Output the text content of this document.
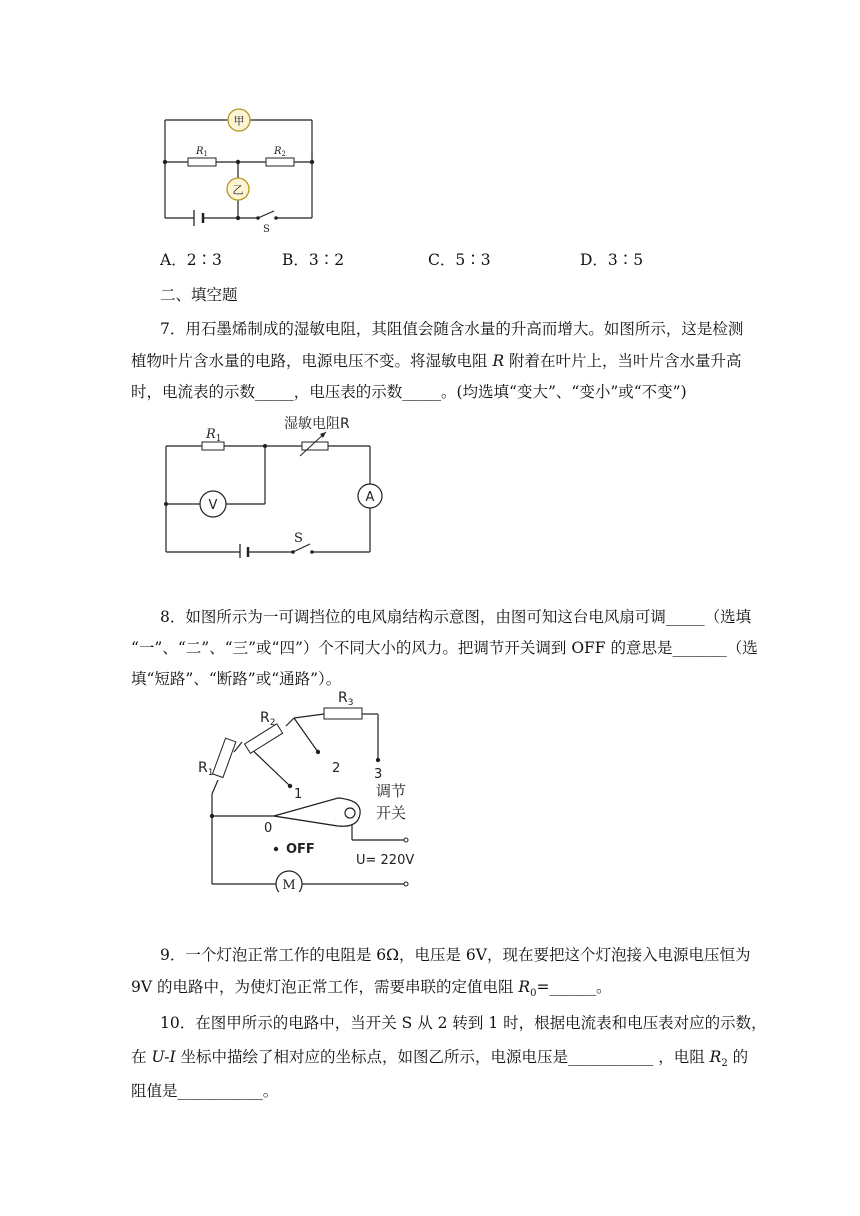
甲
乙
$R_1$	$R_2$
S
A．2∶3	B．3∶2	C．5∶3	D．3∶5
二、填空题
7．用石墨烯制成的湿敏电阻，其阻值会随含水量的升高而增大。如图所示，这是检测
植物叶片含水量的电路，电源电压不变。将湿敏电阻 R 附着在叶片上，当叶片含水量升高
时，电流表的示数_____，电压表的示数_____。(均选填“变大”、“变小”或“不变”)
V
A
$R_1$
湿敏电阻R
S
8．如图所示为一可调挡位的电风扇结构示意图，由图可知这台电风扇可调_____（选填
“一”、“二”、“三”或“四”）个不同大小的风力。把调节开关调到 OFF 的意思是_______（选
填“短路”、“断路”或“通路”）。
M
$R_1$
$R_2$
$R_3$
1
2	3
0
OFF
调节
开关
U= 220V
9．一个灯泡正常工作的电阻是 6Ω，电压是 6V，现在要把这个灯泡接入电源电压恒为
9V 的电路中，为使灯泡正常工作，需要串联的定值电阻 $R_0=\_\_\_\_\_\_$。
10．在图甲所示的电路中，当开关 S 从 2 转到 1 时，根据电流表和电压表对应的示数，
在 U-I 坐标中描绘了相对应的坐标点，如图乙所示，电源电压是___________ ，电阻 $R_2$ 的
阻值是___________。
